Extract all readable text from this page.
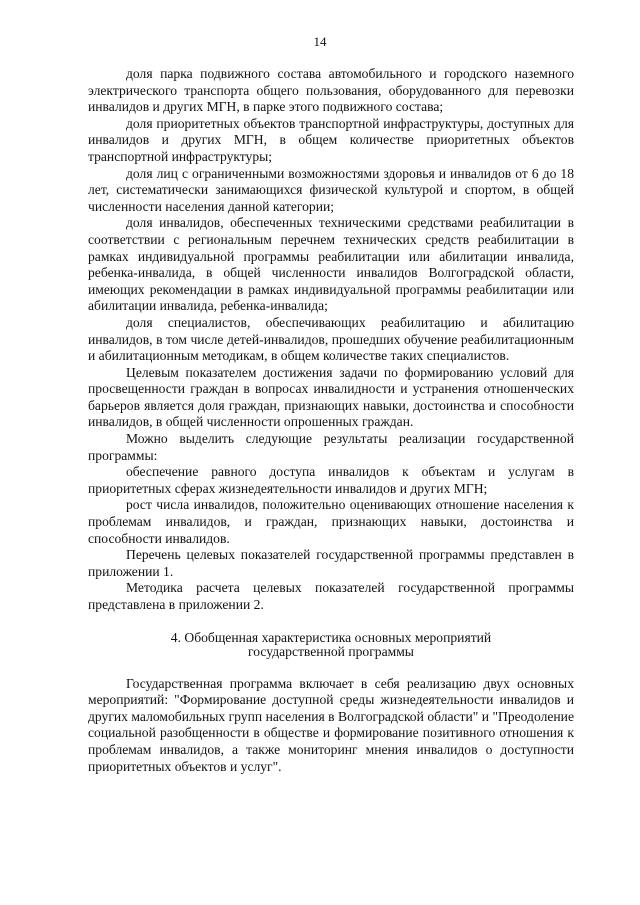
14

доля парка подвижного состава автомобильного и городского наземного электрического транспорта общего пользования, оборудованного для перевозки инвалидов и других МГН, в парке этого подвижного состава;

доля приоритетных объектов транспортной инфраструктуры, доступных для инвалидов и других МГН, в общем количестве приоритетных объектов транспортной инфраструктуры;

доля лиц с ограниченными возможностями здоровья и инвалидов от 6 до 18 лет, систематически занимающихся физической культурой и спортом, в общей численности населения данной категории;

доля инвалидов, обеспеченных техническими средствами реабилитации в соответствии с региональным перечнем технических средств реабилитации в рамках индивидуальной программы реабилитации или абилитации инвалида, ребенка-инвалида, в общей численности инвалидов Волгоградской области, имеющих рекомендации в рамках индивидуальной программы реабилитации или абилитации инвалида, ребенка-инвалида;

доля специалистов, обеспечивающих реабилитацию и абилитацию инвалидов, в том числе детей-инвалидов, прошедших обучение реабилитационным и абилитационным методикам, в общем количестве таких специалистов.

Целевым показателем достижения задачи по формированию условий для просвещенности граждан в вопросах инвалидности и устранения отношенческих барьеров является доля граждан, признающих навыки, достоинства и способности инвалидов, в общей численности опрошенных граждан.

Можно выделить следующие результаты реализации государственной программы:

обеспечение равного доступа инвалидов к объектам и услугам в приоритетных сферах жизнедеятельности инвалидов и других МГН;

рост числа инвалидов, положительно оценивающих отношение населения к проблемам инвалидов, и граждан, признающих навыки, достоинства и способности инвалидов.

Перечень целевых показателей государственной программы представлен в приложении 1.

Методика расчета целевых показателей государственной программы представлена в приложении 2.

4. Обобщенная характеристика основных мероприятий
государственной программы

Государственная программа включает в себя реализацию двух основных мероприятий: "Формирование доступной среды жизнедеятельности инвалидов и других маломобильных групп населения в Волгоградской области" и "Преодоление социальной разобщенности в обществе и формирование позитивного отношения к проблемам инвалидов, а также мониторинг мнения инвалидов о доступности приоритетных объектов и услуг".
